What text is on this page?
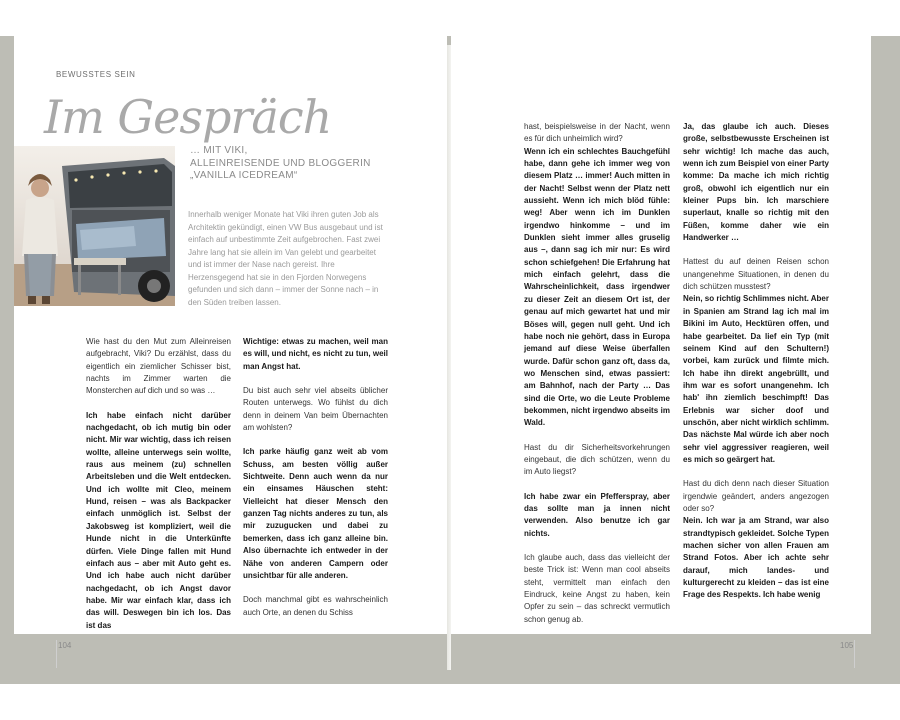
BEWUSSTES SEIN
Im Gespräch
… MIT VIKI,
ALLEINREISENDE UND BLOGGERIN
„VANILLA ICEDREAM“
Innerhalb weniger Monate hat Viki ihren guten Job als Architektin gekündigt, einen VW Bus ausgebaut und ist einfach auf unbestimmte Zeit aufgebrochen. Fast zwei Jahre lang hat sie allein im Van gelebt und gearbeitet und ist immer der Nase nach gereist. Ihre Herzensgegend hat sie in den Fjorden Norwegens gefunden und sich dann – immer der Sonne nach – in den Süden treiben lassen.

Wie hast du den Mut zum Alleinreisen aufgebracht, Viki? Du erzählst, dass du eigentlich ein ziemlicher Schisser bist, nachts im Zimmer warten die Monsterchen auf dich und so was …

Ich habe einfach nicht darüber nachgedacht, ob ich mutig bin oder nicht. Mir war wichtig, dass ich reisen wollte, alleine unterwegs sein wollte, raus aus meinem (zu) schnellen Arbeitsleben und die Welt entdecken. Und ich wollte mit Cleo, meinem Hund, reisen – was als Backpacker einfach unmöglich ist. Selbst der Jakobsweg ist kompliziert, weil die Hunde nicht in die Unterkünfte dürfen. Viele Dinge fallen mit Hund einfach aus – aber mit Auto geht es. Und ich habe auch nicht darüber nachgedacht, ob ich Angst davor habe. Mir war einfach klar, dass ich das will. Deswegen bin ich los. Das ist das

Wichtige: etwas zu machen, weil man es will, und nicht, es nicht zu tun, weil man Angst hat.

Du bist auch sehr viel abseits üblicher Routen unterwegs. Wo fühlst du dich denn in deinem Van beim Übernachten am wohlsten?

Ich parke häufig ganz weit ab vom Schuss, am besten völlig außer Sichtweite. Denn auch wenn da nur ein einsames Häuschen steht: Vielleicht hat dieser Mensch den ganzen Tag nichts anderes zu tun, als mir zuzugucken und dabei zu bemerken, dass ich ganz alleine bin. Also übernachte ich entweder in der Nähe von anderen Campern oder unsichtbar für alle anderen.

Doch manchmal gibt es wahrscheinlich auch Orte, an denen du Schiss

hast, beispielsweise in der Nacht, wenn es für dich unheimlich wird?

Wenn ich ein schlechtes Bauchgefühl habe, dann gehe ich immer weg von diesem Platz … immer! Auch mitten in der Nacht! Selbst wenn der Platz nett aussieht. Wenn ich mich blöd fühle: weg! Aber wenn ich im Dunklen irgendwo hinkomme – und im Dunklen sieht immer alles gruselig aus –, dann sag ich mir nur: Es wird schon schiefgehen! Die Erfahrung hat mich einfach gelehrt, dass die Wahrscheinlichkeit, dass irgendwer zu dieser Zeit an diesem Ort ist, der genau auf mich gewartet hat und mir Böses will, gegen null geht. Und ich habe noch nie gehört, dass in Europa jemand auf diese Weise überfallen wurde. Dafür schon ganz oft, dass da, wo Menschen sind, etwas passiert: am Bahnhof, nach der Party … Das sind die Orte, wo die Leute Probleme bekommen, nicht irgendwo abseits im Wald.

Hast du dir Sicherheitsvorkehrungen eingebaut, die dich schützen, wenn du im Auto liegst?

Ich habe zwar ein Pfefferspray, aber das sollte man ja innen nicht verwenden. Also benutze ich gar nichts.

Ich glaube auch, dass das vielleicht der beste Trick ist: Wenn man cool abseits steht, vermittelt man einfach den Eindruck, keine Angst zu haben, kein Opfer zu sein – das schreckt vermutlich schon genug ab.

Ja, das glaube ich auch. Dieses große, selbstbewusste Erscheinen ist sehr wichtig! Ich mache das auch, wenn ich zum Beispiel von einer Party komme: Da mache ich mich richtig groß, obwohl ich eigentlich nur ein kleiner Pups bin. Ich marschiere superlaut, knalle so richtig mit den Füßen, komme daher wie ein Handwerker …

Hattest du auf deinen Reisen schon unangenehme Situationen, in denen du dich schützen musstest?

Nein, so richtig Schlimmes nicht. Aber in Spanien am Strand lag ich mal im Bikini im Auto, Hecktüren offen, und habe gearbeitet. Da lief ein Typ (mit seinem Kind auf den Schultern!) vorbei, kam zurück und filmte mich. Ich habe ihn direkt angebrüllt, und ihm war es sofort unangenehm. Ich hab' ihn ziemlich beschimpft! Das Erlebnis war sicher doof und unschön, aber nicht wirklich schlimm. Das nächste Mal würde ich aber noch sehr viel aggressiver reagieren, weil es mich so geärgert hat.

Hast du dich denn nach dieser Situation irgendwie geändert, anders angezogen oder so?

Nein. Ich war ja am Strand, war also strandtypisch gekleidet. Solche Typen machen sicher von allen Frauen am Strand Fotos. Aber ich achte sehr darauf, mich landes- und kulturgerecht zu kleiden – das ist eine Frage des Respekts. Ich habe wenig

104	105
